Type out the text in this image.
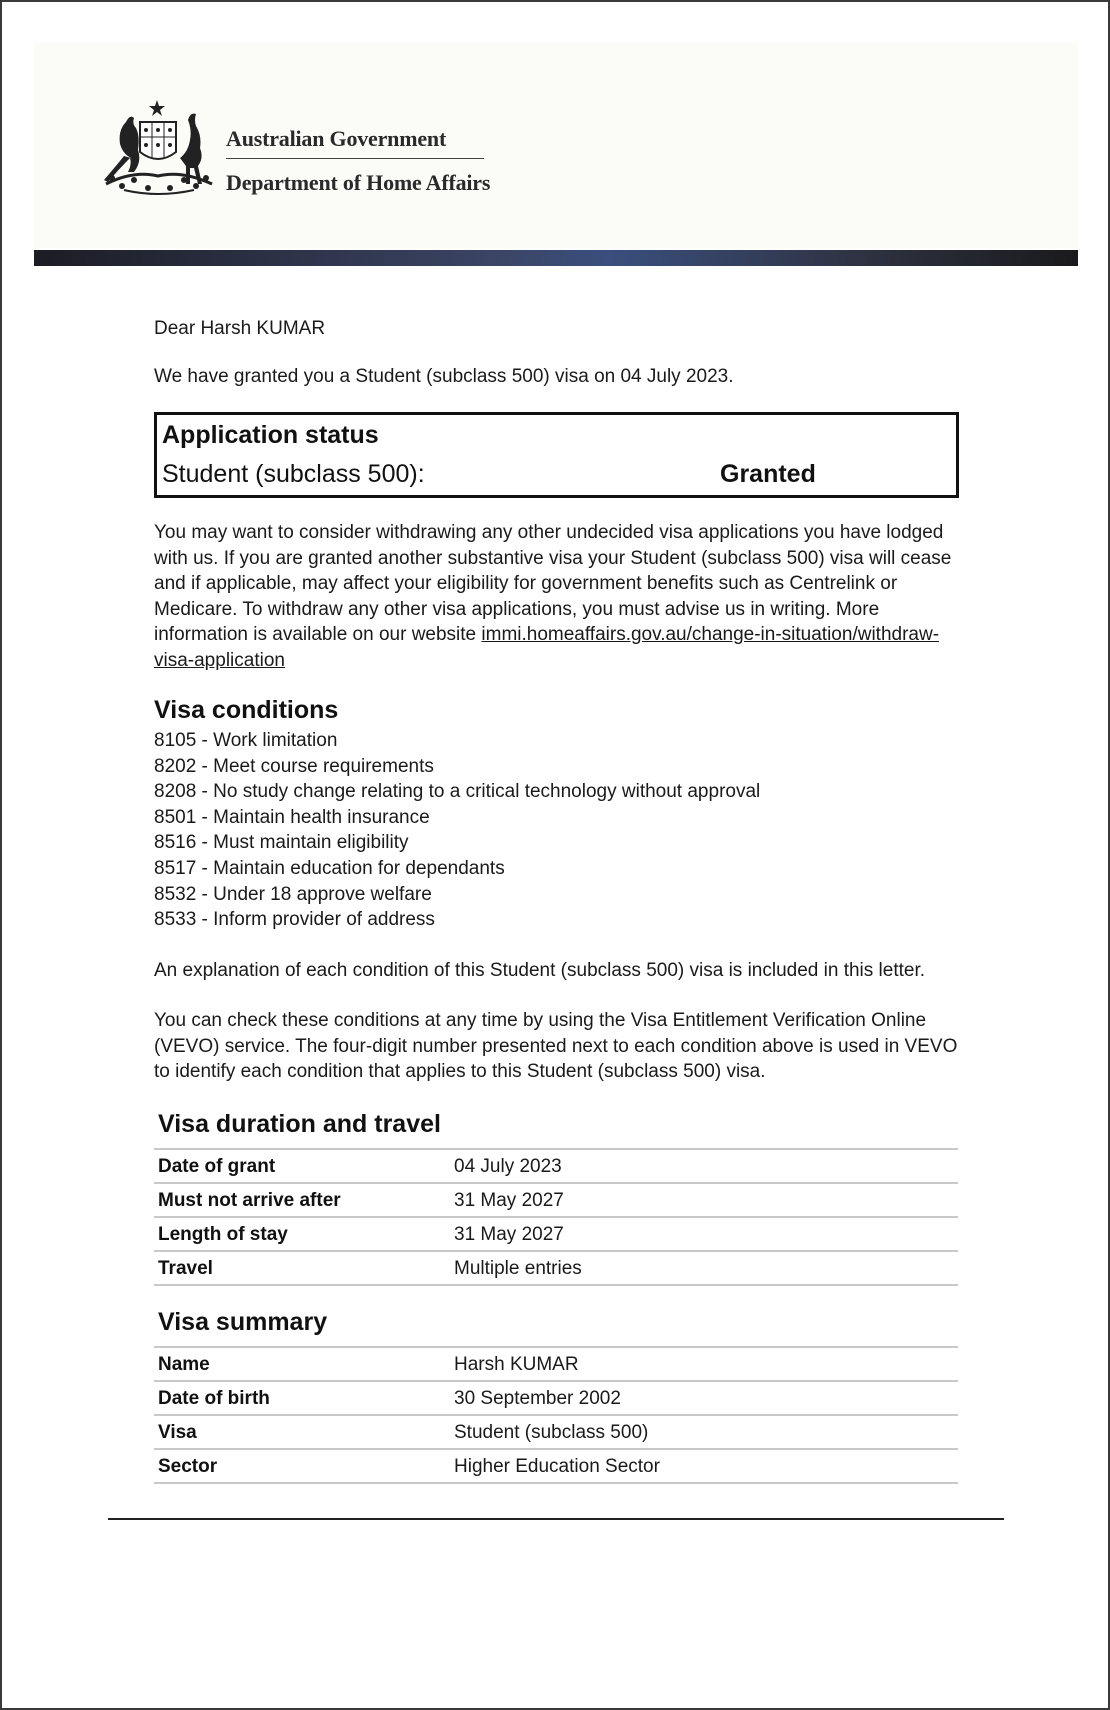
Australian Government
Department of Home Affairs

Dear Harsh KUMAR

We have granted you a Student (subclass 500) visa on 04 July 2023.

Application status
Student (subclass 500):	Granted

You may want to consider withdrawing any other undecided visa applications you have lodged with us. If you are granted another substantive visa your Student (subclass 500) visa will cease and if applicable, may affect your eligibility for government benefits such as Centrelink or Medicare. To withdraw any other visa applications, you must advise us in writing. More information is available on our website immi.homeaffairs.gov.au/change-in-situation/withdraw-visa-application

Visa conditions
8105 - Work limitation
8202 - Meet course requirements
8208 - No study change relating to a critical technology without approval
8501 - Maintain health insurance
8516 - Must maintain eligibility
8517 - Maintain education for dependants
8532 - Under 18 approve welfare
8533 - Inform provider of address

An explanation of each condition of this Student (subclass 500) visa is included in this letter.

You can check these conditions at any time by using the Visa Entitlement Verification Online (VEVO) service. The four-digit number presented next to each condition above is used in VEVO to identify each condition that applies to this Student (subclass 500) visa.

Visa duration and travel
Date of grant	04 July 2023
Must not arrive after	31 May 2027
Length of stay	31 May 2027
Travel	Multiple entries
Visa summary
Name	Harsh KUMAR
Date of birth	30 September 2002
Visa	Student (subclass 500)
Sector	Higher Education Sector
